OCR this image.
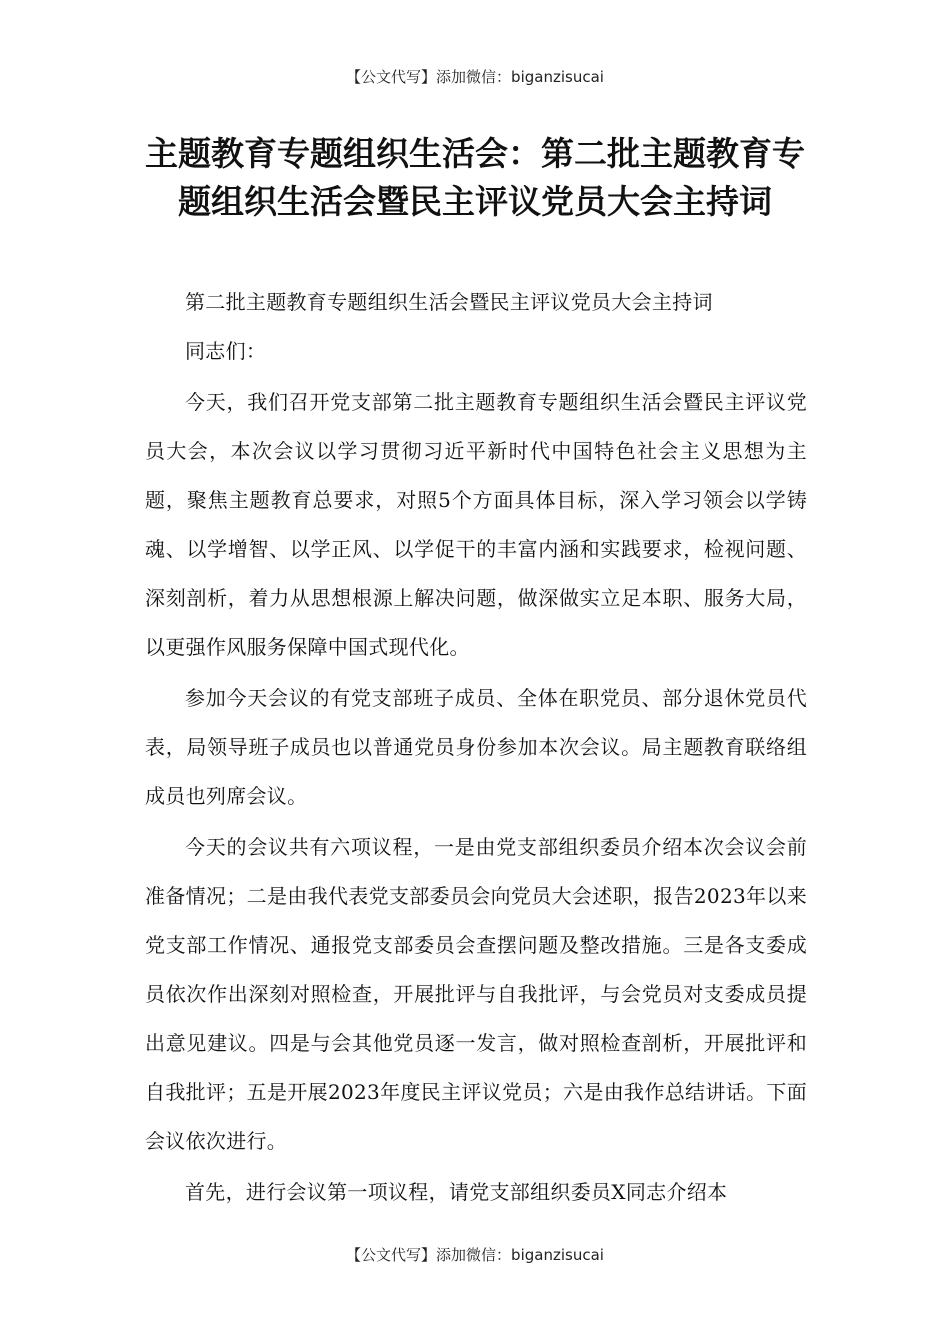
【公文代写】添加微信：biganzisucai
主题教育专题组织生活会：第二批主题教育专题组织生活会暨民主评议党员大会主持词

第二批主题教育专题组织生活会暨民主评议党员大会主持词

同志们：

今天，我们召开党支部第二批主题教育专题组织生活会暨民主评议党员大会，本次会议以学习贯彻习近平新时代中国特色社会主义思想为主题，聚焦主题教育总要求，对照5个方面具体目标，深入学习领会以学铸魂、以学增智、以学正风、以学促干的丰富内涵和实践要求，检视问题、深刻剖析，着力从思想根源上解决问题，做深做实立足本职、服务大局，以更强作风服务保障中国式现代化。

参加今天会议的有党支部班子成员、全体在职党员、部分退休党员代表，局领导班子成员也以普通党员身份参加本次会议。局主题教育联络组成员也列席会议。

今天的会议共有六项议程，一是由党支部组织委员介绍本次会议会前准备情况；二是由我代表党支部委员会向党员大会述职，报告2023年以来党支部工作情况、通报党支部委员会查摆问题及整改措施。三是各支委成员依次作出深刻对照检查，开展批评与自我批评，与会党员对支委成员提出意见建议。四是与会其他党员逐一发言，做对照检查剖析，开展批评和自我批评；五是开展2023年度民主评议党员；六是由我作总结讲话。下面会议依次进行。

首先，进行会议第一项议程，请党支部组织委员X同志介绍本

【公文代写】添加微信：biganzisucai
